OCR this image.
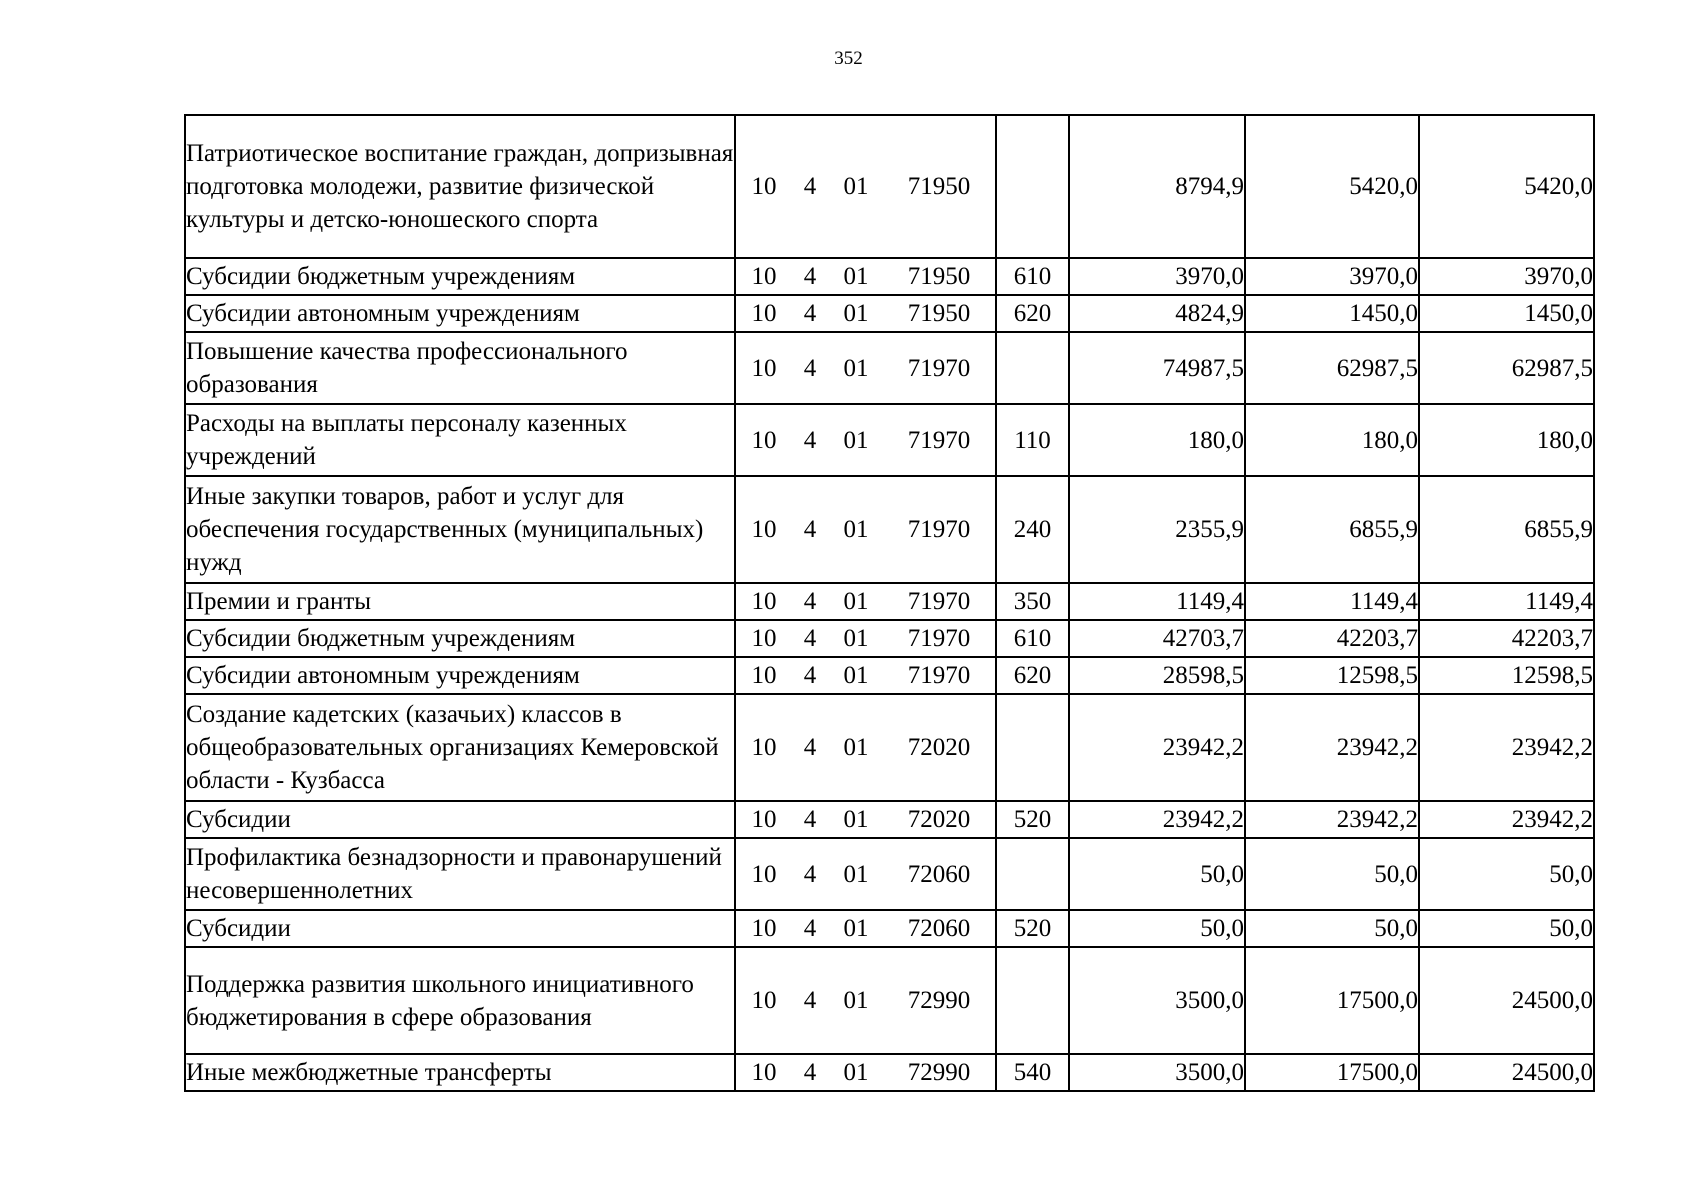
352
Патриотическое воспитание граждан, допризывная подготовка молодежи, развитие физической культуры и детско-юношеского спорта	10 4 01 71950		8794,9	5420,0	5420,0
Субсидии бюджетным учреждениям	10 4 01 71950	610	3970,0	3970,0	3970,0
Субсидии автономным учреждениям	10 4 01 71950	620	4824,9	1450,0	1450,0
Повышение качества профессионального образования	10 4 01 71970		74987,5	62987,5	62987,5
Расходы на выплаты персоналу казенных учреждений	10 4 01 71970	110	180,0	180,0	180,0
Иные закупки товаров, работ и услуг для обеспечения государственных (муниципальных) нужд	10 4 01 71970	240	2355,9	6855,9	6855,9
Премии и гранты	10 4 01 71970	350	1149,4	1149,4	1149,4
Субсидии бюджетным учреждениям	10 4 01 71970	610	42703,7	42203,7	42203,7
Субсидии автономным учреждениям	10 4 01 71970	620	28598,5	12598,5	12598,5
Создание кадетских (казачьих) классов в общеобразовательных организациях Кемеровской области - Кузбасса	10 4 01 72020		23942,2	23942,2	23942,2
Субсидии	10 4 01 72020	520	23942,2	23942,2	23942,2
Профилактика безнадзорности и правонарушений несовершеннолетних	10 4 01 72060		50,0	50,0	50,0
Субсидии	10 4 01 72060	520	50,0	50,0	50,0
Поддержка развития школьного инициативного бюджетирования в сфере образования	10 4 01 72990		3500,0	17500,0	24500,0
Иные межбюджетные трансферты	10 4 01 72990	540	3500,0	17500,0	24500,0
